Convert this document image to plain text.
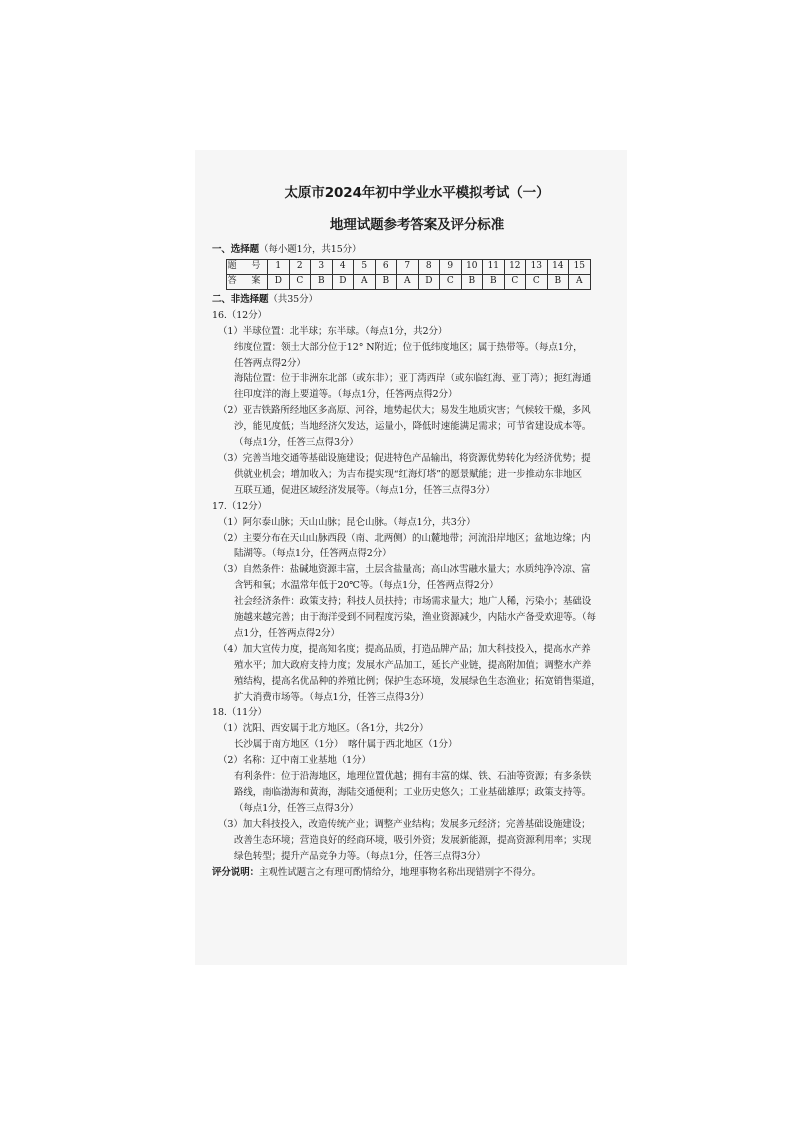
太原市2024年初中学业水平模拟考试（一）
地理试题参考答案及评分标准
一、选择题（每小题1分，共15分）
题 号	1	2	3	4	5	6	7	8	9	10	11	12	13	14	15
答 案	D	C	B	D	A	B	A	D	C	B	B	C	C	B	A
二、非选择题（共35分）
16.（12分）
（1）半球位置：北半球；东半球。（每点1分，共2分）
纬度位置：领土大部分位于12° N附近；位于低纬度地区；属于热带等。（每点1分，
任答两点得2分）
海陆位置：位于非洲东北部（或东非）；亚丁湾西岸（或东临红海、亚丁湾）；扼红海通
往印度洋的海上要道等。（每点1分，任答两点得2分）
（2）亚吉铁路所经地区多高原、河谷，地势起伏大；易发生地质灾害；气候较干燥，多风
沙，能见度低；当地经济欠发达，运量小，降低时速能满足需求；可节省建设成本等。
（每点1分，任答三点得3分）
（3）完善当地交通等基础设施建设；促进特色产品输出，将资源优势转化为经济优势；提
供就业机会；增加收入；为吉布提实现“红海灯塔”的愿景赋能；进一步推动东非地区
互联互通，促进区域经济发展等。（每点1分，任答三点得3分）
17.（12分）
（1）阿尔泰山脉；天山山脉；昆仑山脉。（每点1分，共3分）
（2）主要分布在天山山脉西段（南、北两侧）的山麓地带；河流沿岸地区；盆地边缘；内
陆湖等。（每点1分，任答两点得2分）
（3）自然条件：盐碱地资源丰富，土层含盐量高；高山冰雪融水量大；水质纯净冷凉、富
含钙和氧；水温常年低于20℃等。（每点1分，任答两点得2分）
社会经济条件：政策支持；科技人员扶持；市场需求量大；地广人稀，污染小；基础设
施越来越完善；由于海洋受到不同程度污染，渔业资源减少，内陆水产备受欢迎等。（每
点1分，任答两点得2分）
（4）加大宣传力度，提高知名度；提高品质，打造品牌产品；加大科技投入，提高水产养
殖水平；加大政府支持力度；发展水产品加工，延长产业链，提高附加值；调整水产养
殖结构，提高名优品种的养殖比例；保护生态环境，发展绿色生态渔业；拓宽销售渠道，
扩大消费市场等。（每点1分，任答三点得3分）
18.（11分）
（1）沈阳、西安属于北方地区。（各1分，共2分）
长沙属于南方地区（1分）　喀什属于西北地区（1分）
（2）名称：辽中南工业基地（1分）
有利条件：位于沿海地区，地理位置优越；拥有丰富的煤、铁、石油等资源；有多条铁
路线，南临渤海和黄海，海陆交通便利；工业历史悠久；工业基础雄厚；政策支持等。
（每点1分，任答三点得3分）
（3）加大科技投入，改造传统产业；调整产业结构；发展多元经济；完善基础设施建设；
改善生态环境；营造良好的经商环境，吸引外资；发展新能源，提高资源利用率；实现
绿色转型；提升产品竞争力等。（每点1分，任答三点得3分）
评分说明：主观性试题言之有理可酌情给分，地理事物名称出现错别字不得分。
